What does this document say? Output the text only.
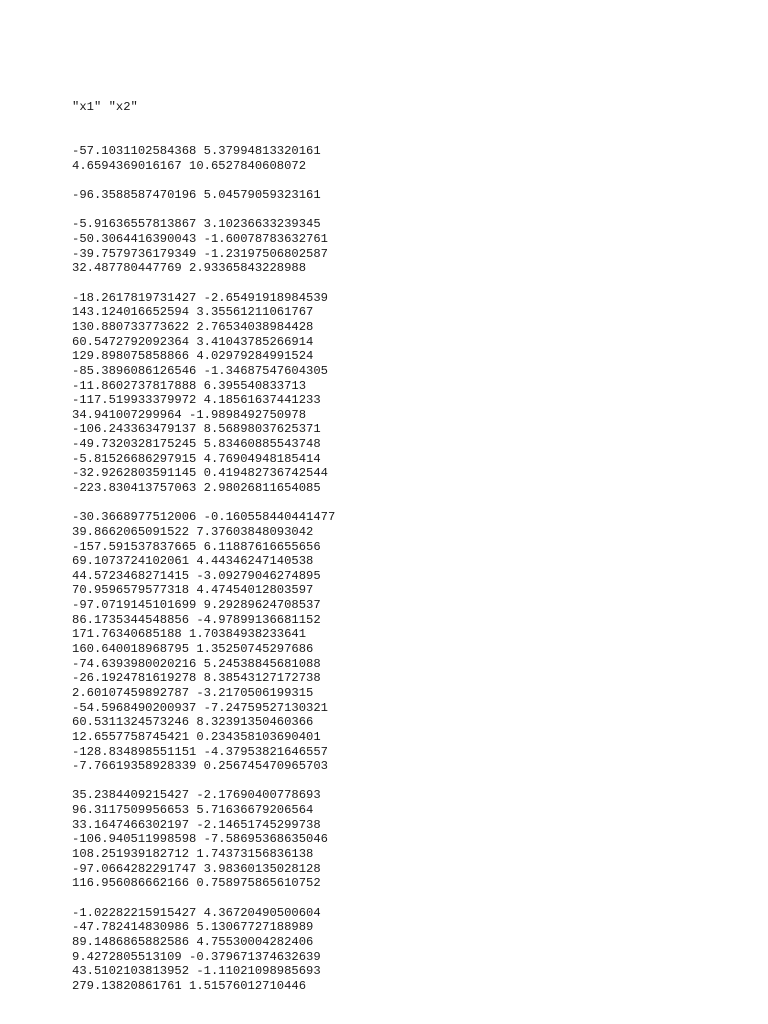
"x1" "x2"

-57.1031102584368 5.37994813320161
4.6594369016167 10.6527840608072
-96.3588587470196 5.04579059323161
-5.91636557813867 3.10236633239345
-50.3064416390043 -1.60078783632761
-39.7579736179349 -1.23197506802587
32.487780447769 2.93365843228988
-18.2617819731427 -2.65491918984539
143.124016652594 3.35561211061767
130.880733773622 2.76534038984428
60.5472792092364 3.41043785266914
129.898075858866 4.02979284991524
-85.3896086126546 -1.34687547604305
-11.8602737817888 6.395540833713
-117.519933379972 4.18561637441233
34.941007299964 -1.9898492750978
-106.243363479137 8.56898037625371
-49.7320328175245 5.83460885543748
-5.81526686297915 4.76904948185414
-32.9262803591145 0.419482736742544
-223.830413757063 2.98026811654085
-30.3668977512006 -0.160558440441477
39.8662065091522 7.37603848093042
-157.591537837665 6.11887616655656
69.1073724102061 4.44346247140538
44.5723468271415 -3.09279046274895
70.9596579577318 4.47454012803597
-97.0719145101699 9.29289624708537
86.1735344548856 -4.97899136681152
171.76340685188 1.70384938233641
160.640018968795 1.35250745297686
-74.6393980020216 5.24538845681088
-26.1924781619278 8.38543127172738
2.60107459892787 -3.2170506199315
-54.5968490200937 -7.24759527130321
60.5311324573246 8.32391350460366
12.6557758745421 0.234358103690401
-128.834898551151 -4.37953821646557
-7.76619358928339 0.256745470965703
35.2384409215427 -2.17690400778693
96.3117509956653 5.71636679206564
33.1647466302197 -2.14651745299738
-106.940511998598 -7.58695368635046
108.251939182712 1.74373156836138
-97.0664282291747 3.98360135028128
116.956086662166 0.758975865610752
-1.02282215915427 4.36720490500604
-47.782414830986 5.13067727188989
89.1486865882586 4.75530004282406
9.4272805513109 -0.379671374632639
43.5102103813952 -1.11021098985693
279.13820861761 1.51576012710446
